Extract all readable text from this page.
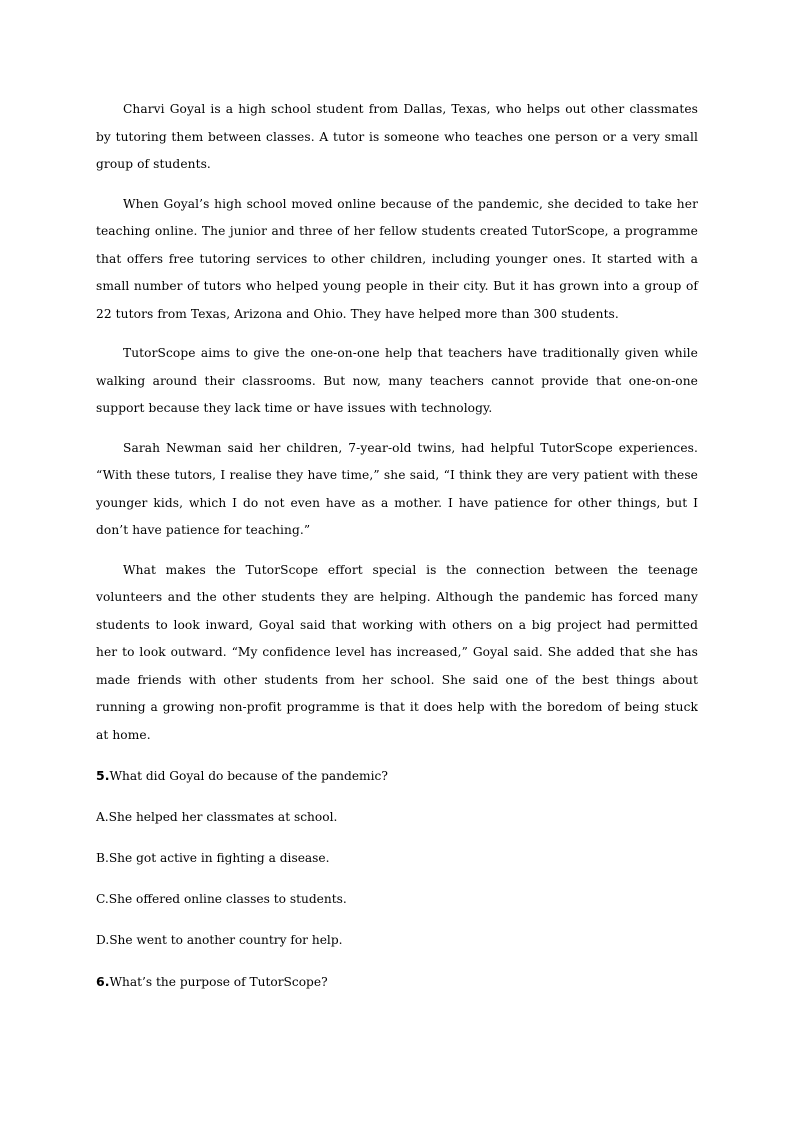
Charvi Goyal is a high school student from Dallas, Texas, who helps out other classmates by tutoring them between classes. A tutor is someone who teaches one person or a very small group of students.

When Goyal’s high school moved online because of the pandemic, she decided to take her teaching online. The junior and three of her fellow students created TutorScope, a programme that offers free tutoring services to other children, including younger ones. It started with a small number of tutors who helped young people in their city. But it has grown into a group of 22 tutors from Texas, Arizona and Ohio. They have helped more than 300 students.

TutorScope aims to give the one-on-one help that teachers have traditionally given while walking around their classrooms. But now, many teachers cannot provide that one-on-one support because they lack time or have issues with technology.

Sarah Newman said her children, 7-year-old twins, had helpful TutorScope experiences. “With these tutors, I realise they have time,” she said, “I think they are very patient with these younger kids, which I do not even have as a mother. I have patience for other things, but I don’t have patience for teaching.”

What makes the TutorScope effort special is the connection between the teenage volunteers and the other students they are helping. Although the pandemic has forced many students to look inward, Goyal said that working with others on a big project had permitted her to look outward. “My confidence level has increased,” Goyal said. She added that she has made friends with other students from her school. She said one of the best things about running a growing non-profit programme is that it does help with the boredom of being stuck at home.

5.What did Goyal do because of the pandemic?

A.She helped her classmates at school.

B.She got active in fighting a disease.

C.She offered online classes to students.

D.She went to another country for help.

6.What’s the purpose of TutorScope?
